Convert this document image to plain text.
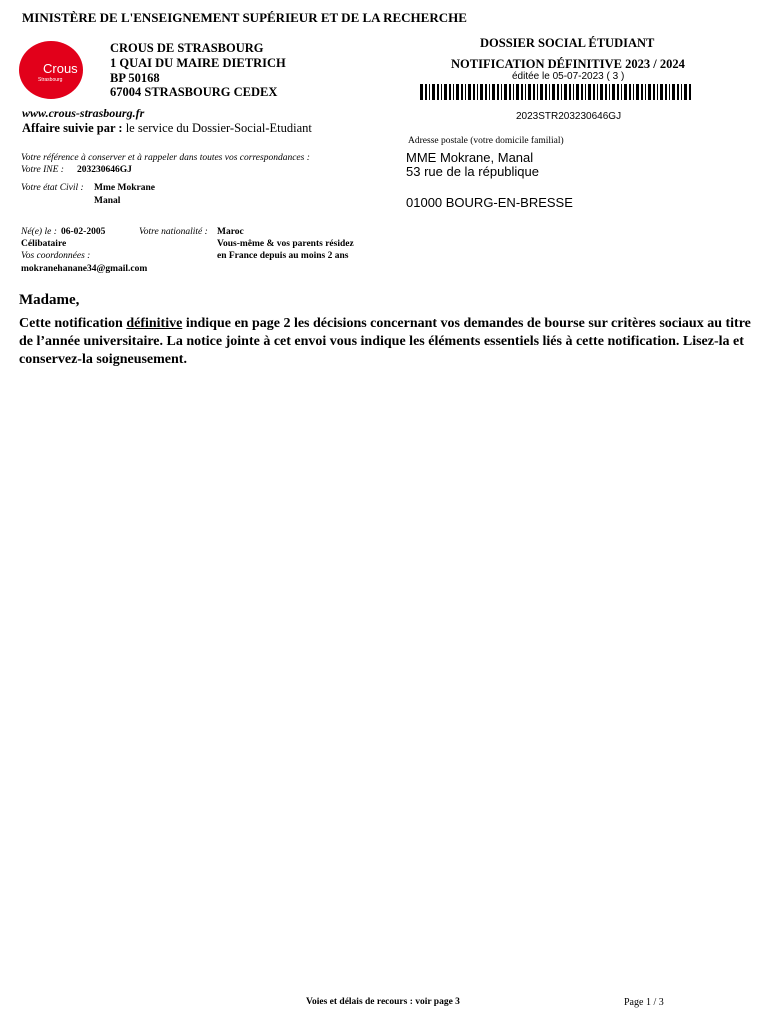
MINISTÈRE DE L'ENSEIGNEMENT SUPÉRIEUR ET DE LA RECHERCHE
Crous
Strasbourg
CROUS DE STRASBOURG
1 QUAI DU MAIRE DIETRICH
BP 50168
67004 STRASBOURG CEDEX
www.crous-strasbourg.fr
Affaire suivie par : le service du Dossier-Social-Etudiant
DOSSIER SOCIAL ÉTUDIANT
NOTIFICATION DÉFINITIVE 2023 / 2024
éditée le 05-07-2023 ( 3 )
2023STR203230646GJ
Adresse postale (votre domicile familial)
MME Mokrane, Manal
53 rue de la république
01000 BOURG-EN-BRESSE
Votre référence à conserver et à rappeler dans toutes vos correspondances :
Votre INE : 203230646GJ
Votre état Civil : Mme Mokrane
Manal
Né(e) le : 06-02-2005	Votre nationalité : Maroc
Célibataire	Vous-même & vos parents résidez
en France depuis au moins 2 ans
Vos coordonnées :
mokranehanane34@gmail.com
Madame,
Cette notification définitive indique en page 2 les décisions concernant vos demandes de bourse sur critères sociaux au titre de l’année universitaire. La notice jointe à cet envoi vous indique les éléments essentiels liés à cette notification. Lisez-la et conservez-la soigneusement.
Voies et délais de recours : voir page 3	Page 1 / 3
